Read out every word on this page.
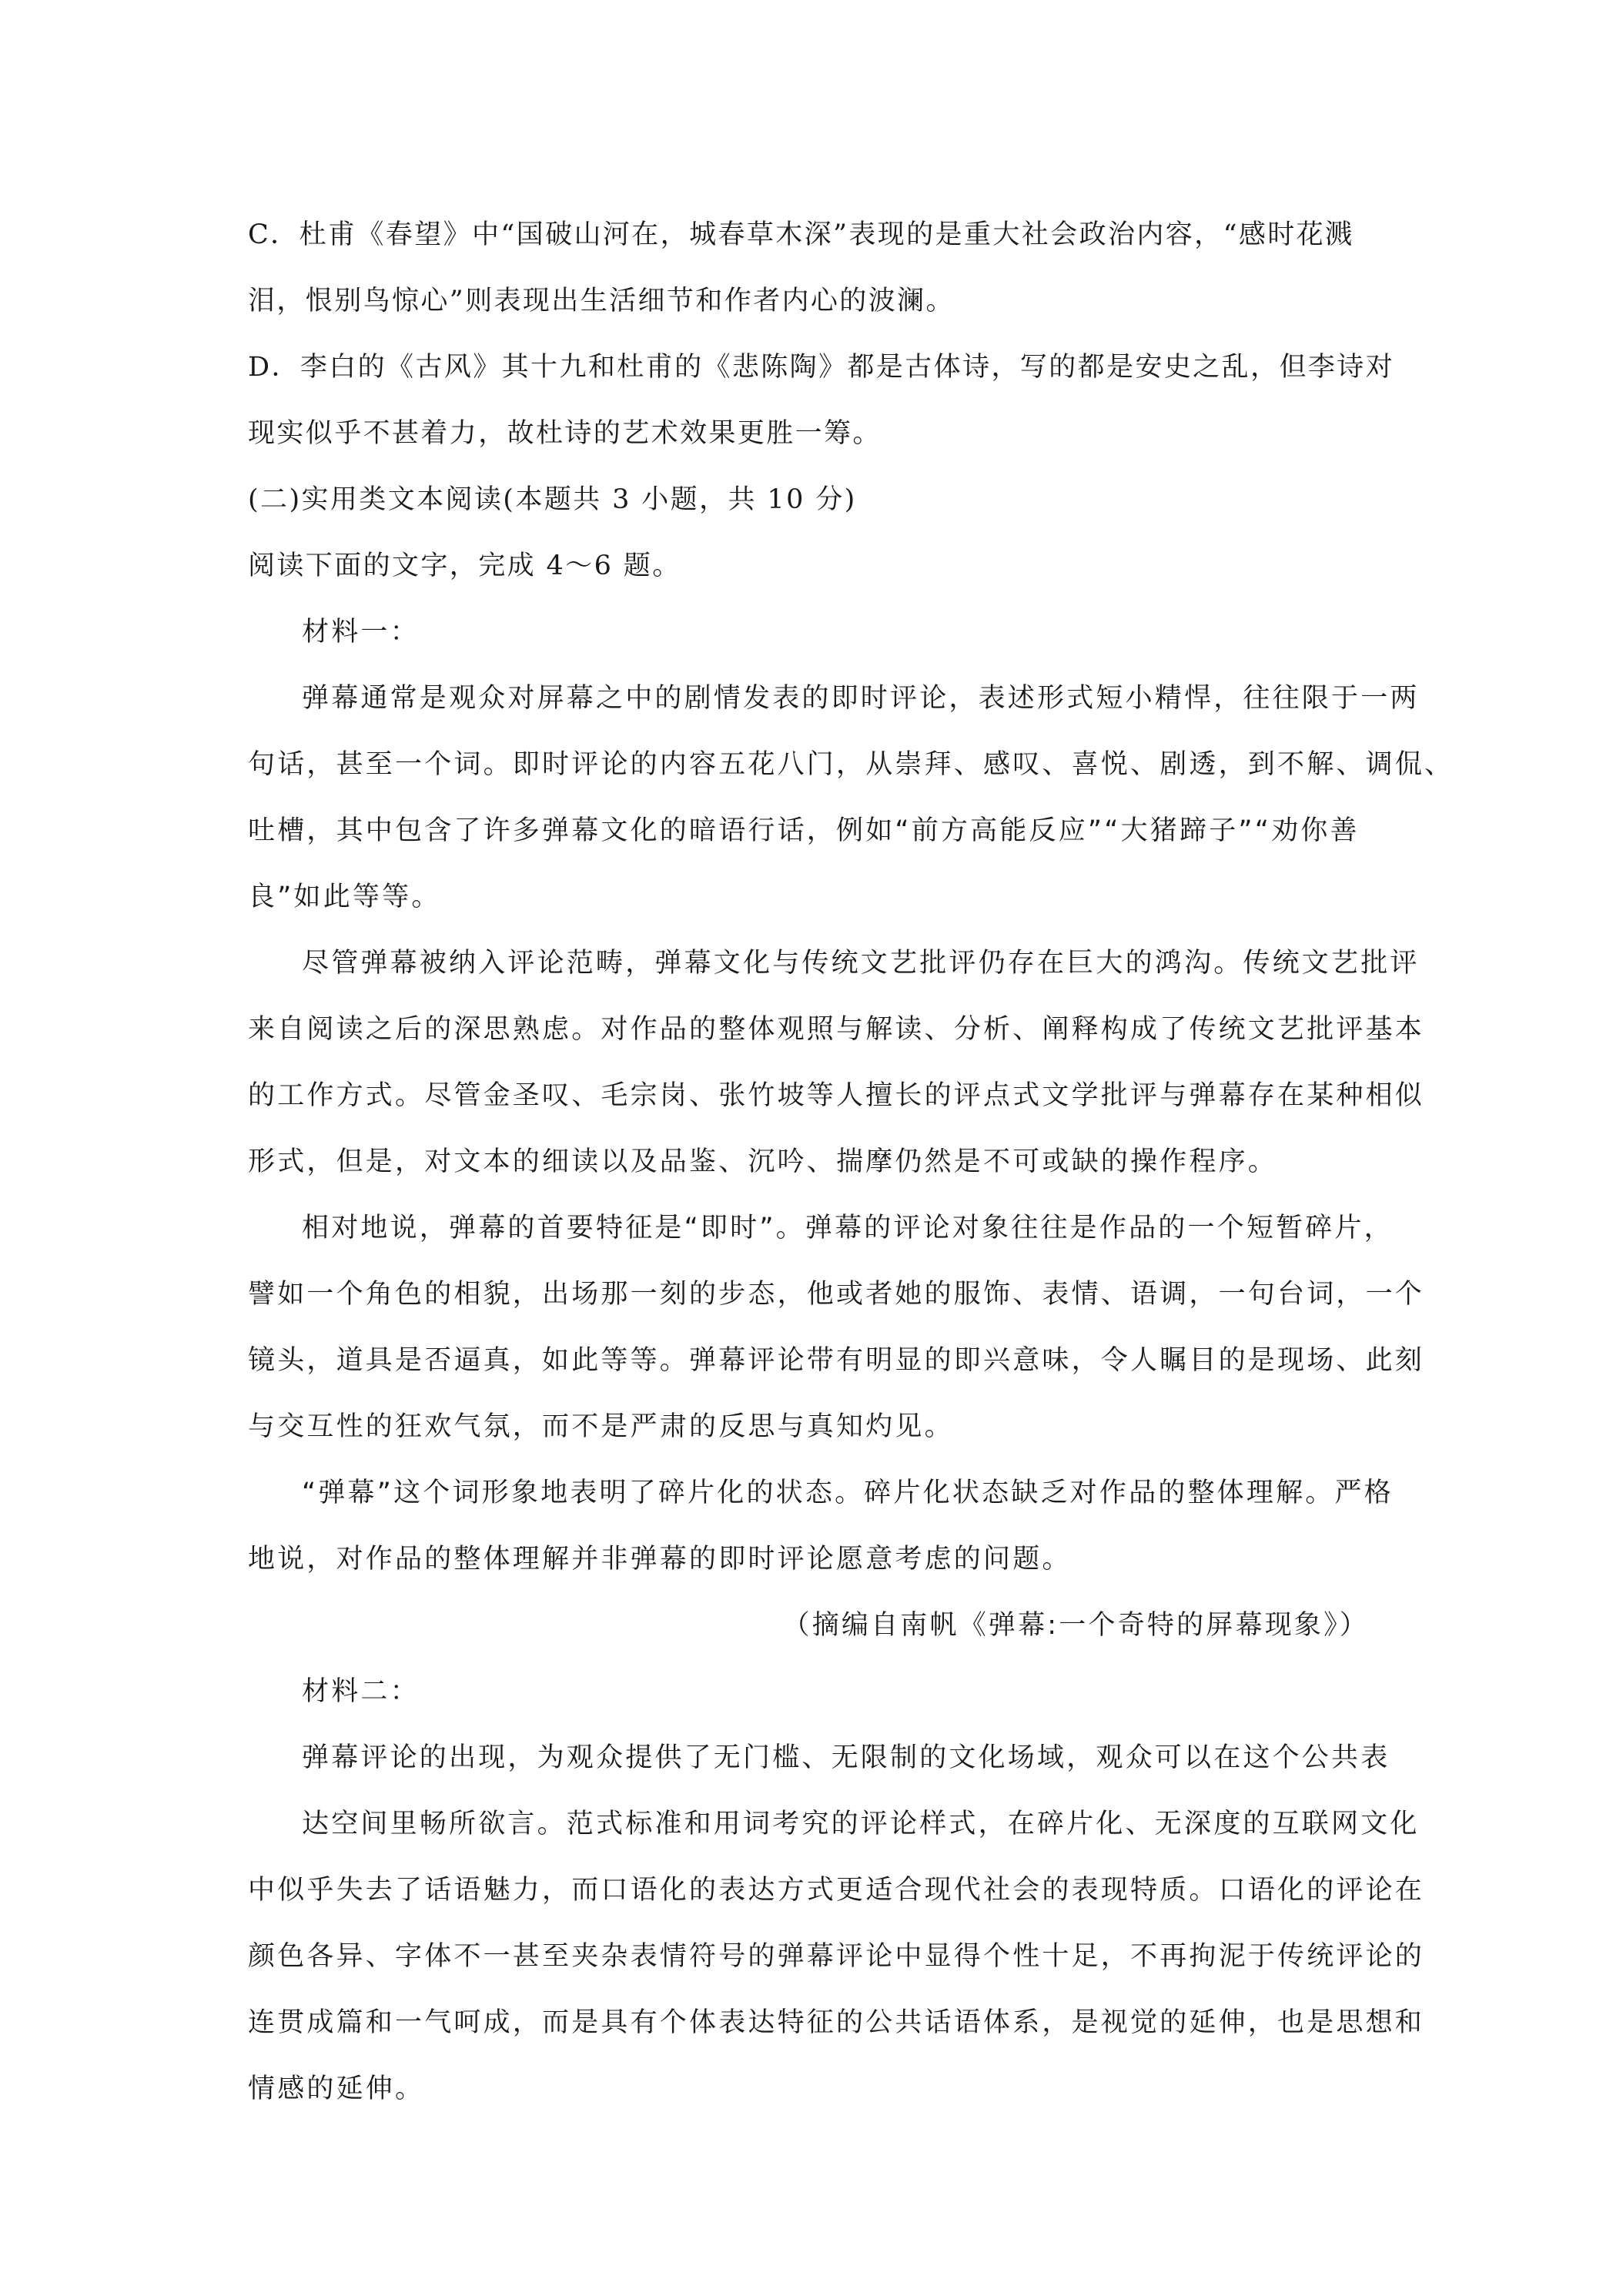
C．杜甫《春望》中“国破山河在，城春草木深”表现的是重大社会政治内容，“感时花溅
泪，恨别鸟惊心”则表现出生活细节和作者内心的波澜。
D．李白的《古风》其十九和杜甫的《悲陈陶》都是古体诗，写的都是安史之乱，但李诗对
现实似乎不甚着力，故杜诗的艺术效果更胜一筹。
(二)实用类文本阅读(本题共 3 小题，共 10 分)
阅读下面的文字，完成 4～6 题。
材料一：
弹幕通常是观众对屏幕之中的剧情发表的即时评论，表述形式短小精悍，往往限于一两
句话，甚至一个词。即时评论的内容五花八门，从崇拜、感叹、喜悦、剧透，到不解、调侃、
吐槽，其中包含了许多弹幕文化的暗语行话，例如“前方高能反应”“大猪蹄子”“劝你善
良”如此等等。
尽管弹幕被纳入评论范畴，弹幕文化与传统文艺批评仍存在巨大的鸿沟。传统文艺批评
来自阅读之后的深思熟虑。对作品的整体观照与解读、分析、阐释构成了传统文艺批评基本
的工作方式。尽管金圣叹、毛宗岗、张竹坡等人擅长的评点式文学批评与弹幕存在某种相似
形式，但是，对文本的细读以及品鉴、沉吟、揣摩仍然是不可或缺的操作程序。
相对地说，弹幕的首要特征是“即时”。弹幕的评论对象往往是作品的一个短暂碎片，
譬如一个角色的相貌，出场那一刻的步态，他或者她的服饰、表情、语调，一句台词，一个
镜头，道具是否逼真，如此等等。弹幕评论带有明显的即兴意味，令人瞩目的是现场、此刻
与交互性的狂欢气氛，而不是严肃的反思与真知灼见。
“弹幕”这个词形象地表明了碎片化的状态。碎片化状态缺乏对作品的整体理解。严格
地说，对作品的整体理解并非弹幕的即时评论愿意考虑的问题。
（摘编自南帆《弹幕:一个奇特的屏幕现象》）
材料二：
弹幕评论的出现，为观众提供了无门槛、无限制的文化场域，观众可以在这个公共表
达空间里畅所欲言。范式标准和用词考究的评论样式，在碎片化、无深度的互联网文化
中似乎失去了话语魅力，而口语化的表达方式更适合现代社会的表现特质。口语化的评论在
颜色各异、字体不一甚至夹杂表情符号的弹幕评论中显得个性十足，不再拘泥于传统评论的
连贯成篇和一气呵成，而是具有个体表达特征的公共话语体系，是视觉的延伸，也是思想和
情感的延伸。
